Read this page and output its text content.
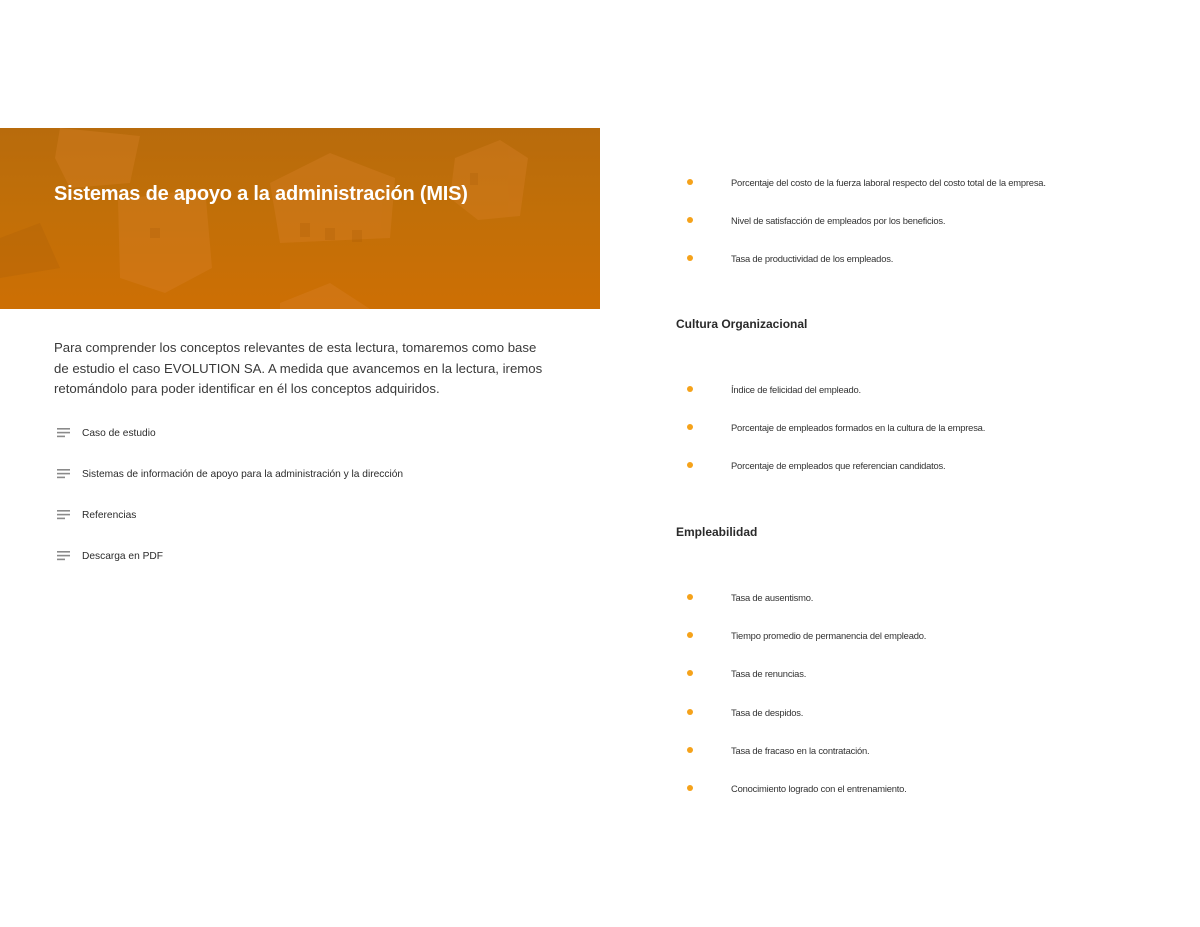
Sistemas de apoyo a la administración (MIS)

Para comprender los conceptos relevantes de esta lectura, tomaremos como base de estudio el caso EVOLUTION SA. A medida que avancemos en la lectura, iremos retomándolo para poder identificar en él los conceptos adquiridos.

Caso de estudio
Sistemas de información de apoyo para la administración y la dirección
Referencias
Descarga en PDF
Porcentaje del costo de la fuerza laboral respecto del costo total de la empresa.
Nivel de satisfacción de empleados por los beneficios.
Tasa de productividad de los empleados.
Cultura Organizacional
Índice de felicidad del empleado.
Porcentaje de empleados formados en la cultura de la empresa.
Porcentaje de empleados que referencian candidatos.
Empleabilidad
Tasa de ausentismo.
Tiempo promedio de permanencia del empleado.
Tasa de renuncias.
Tasa de despidos.
Tasa de fracaso en la contratación.
Conocimiento logrado con el entrenamiento.
